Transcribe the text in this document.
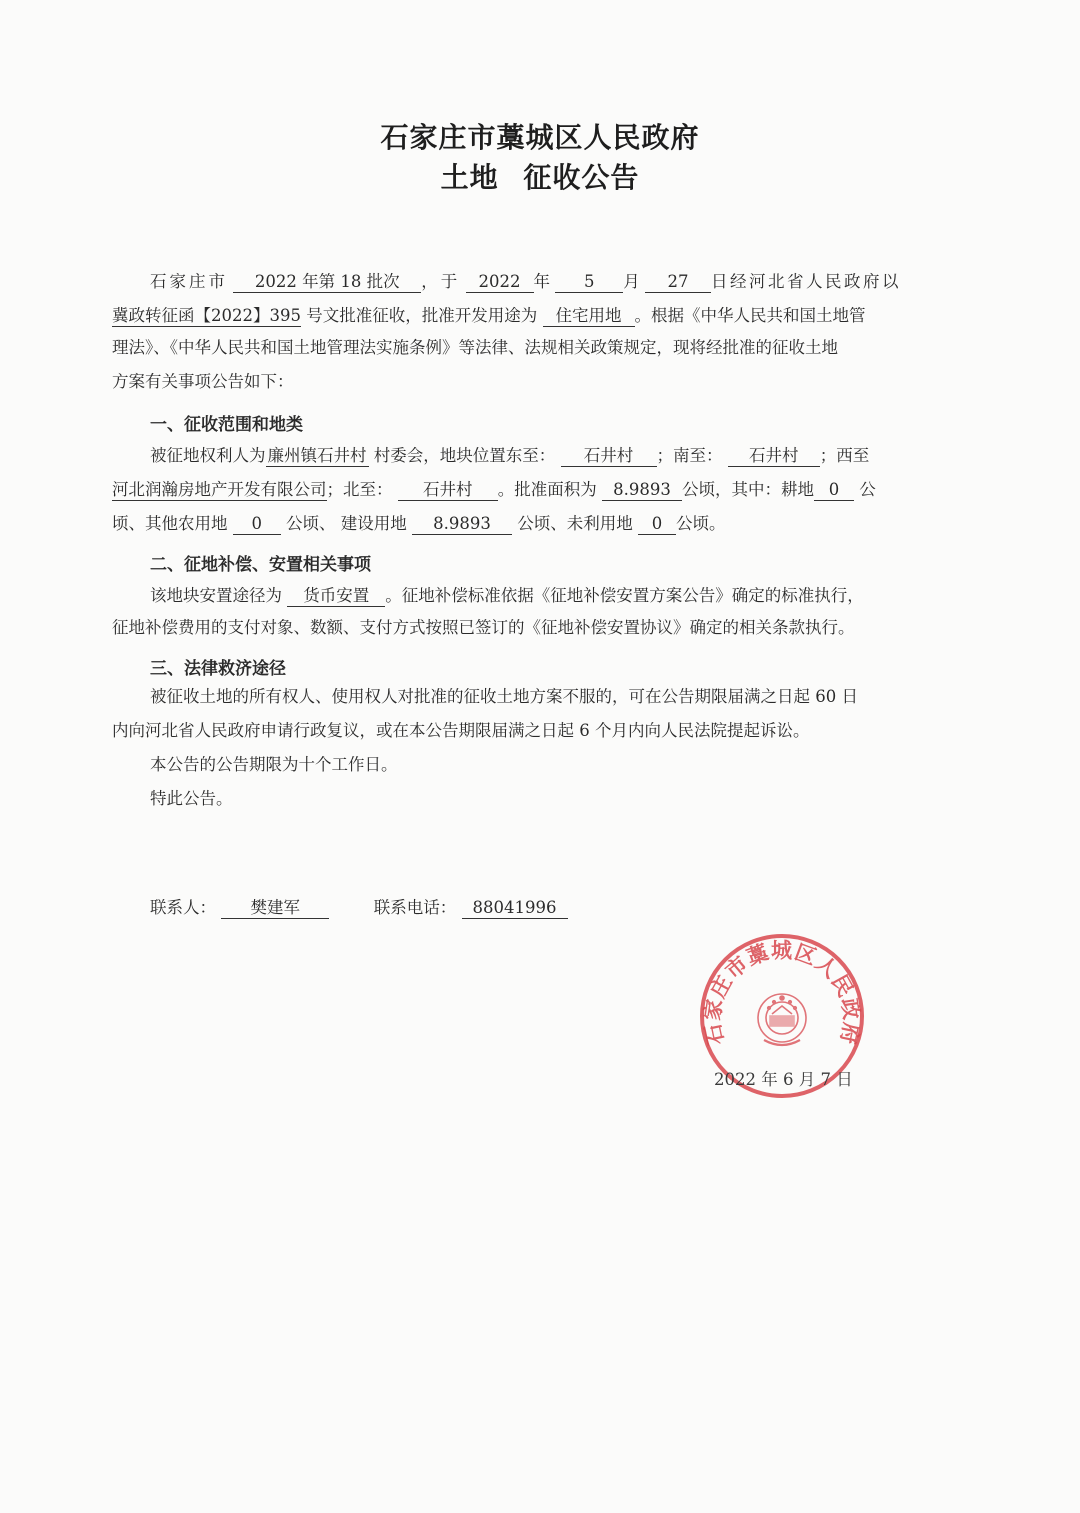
石家庄市藁城区人民政府
土地 征收公告
石家庄市 2022 年第 18 批次 ，于 2022 年 5 月 27 日经河北省人民政府以
冀政转征函【2022】395 号文批准征收，批准开发用途为 住宅用地 。根据《中华人民共和国土地管
理法》、《中华人民共和国土地管理法实施条例》等法律、法规相关政策规定，现将经批准的征收土地
方案有关事项公告如下：
一、征收范围和地类
被征地权利人为 廉州镇石井村 村委会，地块位置东至： 石井村 ；南至： 石井村 ；西至
河北润瀚房地产开发有限公司；北至： 石井村 。批准面积为 8.9893 公顷，其中：耕地 0 公
顷、其他农用地 0 公顷、 建设用地 8.9893 公顷、未利用地 0 公顷。
二、征地补偿、安置相关事项
该地块安置途径为 货币安置 。征地补偿标准依据《征地补偿安置方案公告》确定的标准执行，
征地补偿费用的支付对象、数额、支付方式按照已签订的《征地补偿安置协议》确定的相关条款执行。
三、法律救济途径
被征收土地的所有权人、使用权人对批准的征收土地方案不服的，可在公告期限届满之日起 60 日
内向河北省人民政府申请行政复议，或在本公告期限届满之日起 6 个月内向人民法院提起诉讼。
本公告的公告期限为十个工作日。
特此公告。
联系人： 樊建军	联系电话： 88041996
石家庄市藁城区人民政府
2022 年 6 月 7 日
